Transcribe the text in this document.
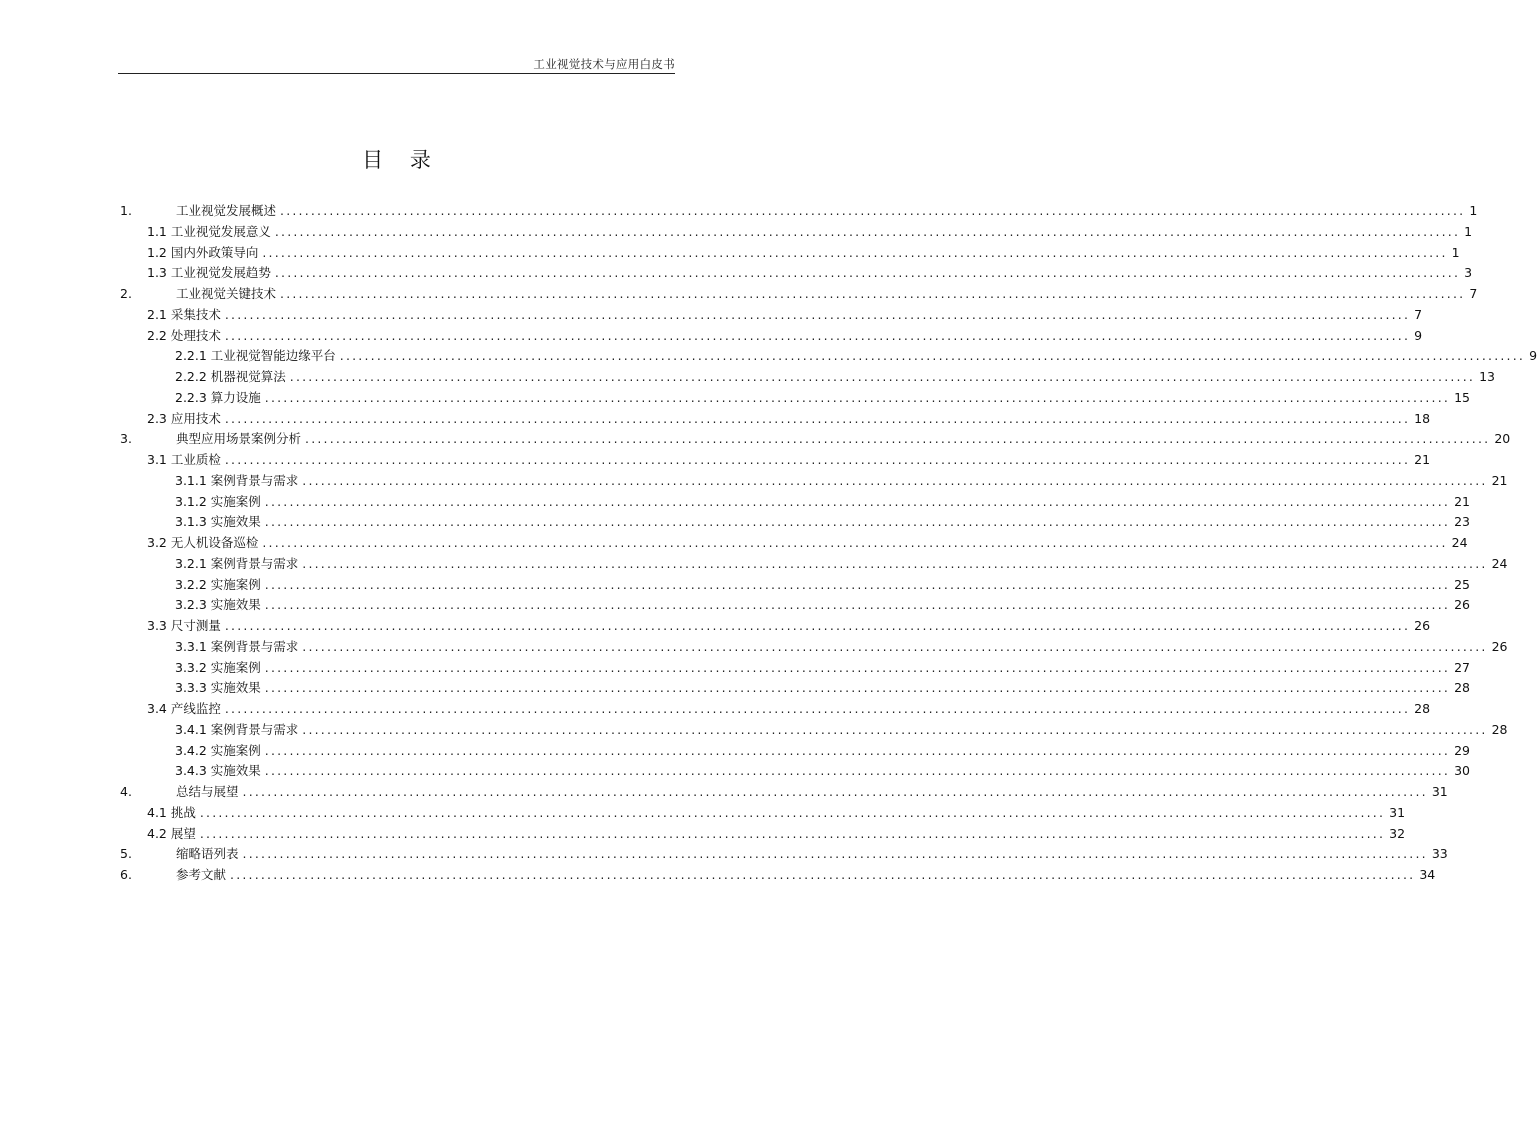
工业视觉技术与应用白皮书
目    录
1.	工业视觉发展概述 ................................................................................................................................................................................................ 1
1.1 工业视觉发展意义 ................................................................................................................................................................................................ 1
1.2 国内外政策导向 ................................................................................................................................................................................................ 1
1.3 工业视觉发展趋势 ................................................................................................................................................................................................ 3
2.	工业视觉关键技术 ................................................................................................................................................................................................ 7
2.1 采集技术 ................................................................................................................................................................................................ 7
2.2 处理技术 ................................................................................................................................................................................................ 9
2.2.1 工业视觉智能边缘平台 ................................................................................................................................................................................................ 9
2.2.2 机器视觉算法 ................................................................................................................................................................................................ 13
2.2.3 算力设施 ................................................................................................................................................................................................ 15
2.3 应用技术 ................................................................................................................................................................................................ 18
3.	典型应用场景案例分析 ................................................................................................................................................................................................ 20
3.1 工业质检 ................................................................................................................................................................................................ 21
3.1.1 案例背景与需求 ................................................................................................................................................................................................ 21
3.1.2 实施案例 ................................................................................................................................................................................................ 21
3.1.3 实施效果 ................................................................................................................................................................................................ 23
3.2 无人机设备巡检 ................................................................................................................................................................................................ 24
3.2.1 案例背景与需求 ................................................................................................................................................................................................ 24
3.2.2 实施案例 ................................................................................................................................................................................................ 25
3.2.3 实施效果 ................................................................................................................................................................................................ 26
3.3 尺寸测量 ................................................................................................................................................................................................ 26
3.3.1 案例背景与需求 ................................................................................................................................................................................................ 26
3.3.2 实施案例 ................................................................................................................................................................................................ 27
3.3.3 实施效果 ................................................................................................................................................................................................ 28
3.4 产线监控 ................................................................................................................................................................................................ 28
3.4.1 案例背景与需求 ................................................................................................................................................................................................ 28
3.4.2 实施案例 ................................................................................................................................................................................................ 29
3.4.3 实施效果 ................................................................................................................................................................................................ 30
4.	总结与展望 ................................................................................................................................................................................................ 31
4.1 挑战 ................................................................................................................................................................................................ 31
4.2 展望 ................................................................................................................................................................................................ 32
5.	缩略语列表 ................................................................................................................................................................................................ 33
6.	参考文献 ................................................................................................................................................................................................ 34
